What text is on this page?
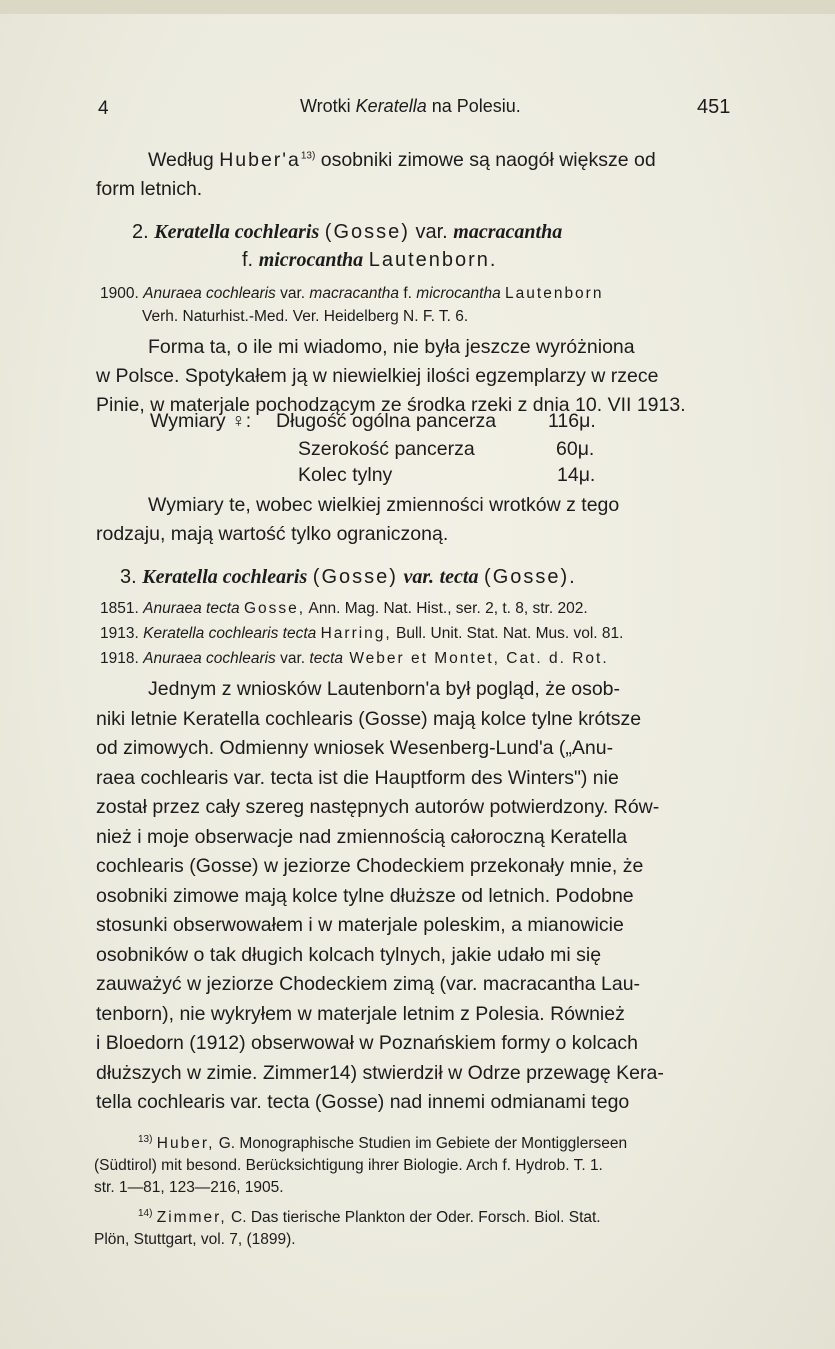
4	Wrotki Keratella na Polesiu.	451
Według $Huber'a^{13)}$ osobniki zimowe są naogół większe od
form letnich.
2. Keratella cochlearis (Gosse) var. macracantha
f. microcantha Lautenborn.
1900. Anuraea cochlearis var. macracantha f. microcantha Lautenborn
Verh. Naturhist.-Med. Ver. Heidelberg N. F. T. 6.
Forma ta, o ile mi wiadomo, nie była jeszcze wyróżniona
w Polsce. Spotykałem ją w niewielkiej ilości egzemplarzy w rzece
Pinie, w materjale pochodzącym ze środka rzeki z dnia 10. VII 1913.
Wymiary ♀: Długość ogólna pancerza	116μ.
Szerokość pancerza	60μ.
Kolec tylny	14μ.
Wymiary te, wobec wielkiej zmienności wrotków z tego
rodzaju, mają wartość tylko ograniczoną.
3. Keratella cochlearis (Gosse) var. tecta (Gosse).
1851. Anuraea tecta Gosse, Ann. Mag. Nat. Hist., ser. 2, t. 8, str. 202.
1913. Keratella cochlearis tecta Harring, Bull. Unit. Stat. Nat. Mus. vol. 81.
1918. Anuraea cochlearis var. tecta Weber et Montet, Cat. d. Rot.
Jednym z wniosków Lautenborn'a był pogląd, że osob-
niki letnie Keratella cochlearis (Gosse) mają kolce tylne krótsze
od zimowych. Odmienny wniosek Wesenberg-Lund'a („Anu-
raea cochlearis var. tecta ist die Hauptform des Winters") nie
został przez cały szereg następnych autorów potwierdzony. Rów-
nież i moje obserwacje nad zmiennością całoroczną Keratella
cochlearis (Gosse) w jeziorze Chodeckiem przekonały mnie, że
osobniki zimowe mają kolce tylne dłuższe od letnich. Podobne
stosunki obserwowałem i w materjale poleskim, a mianowicie
osobników o tak długich kolcach tylnych, jakie udało mi się
zauważyć w jeziorze Chodeckiem zimą (var. macracantha Lau-
tenborn), nie wykryłem w materjale letnim z Polesia. Również
i Bloedorn (1912) obserwował w Poznańskiem formy o kolcach
dłuższych w zimie. Zimmer14) stwierdził w Odrze przewagę Kera-
tella cochlearis var. tecta (Gosse) nad innemi odmianami tego
$^{13)}$ Huber, G. Monographische Studien im Gebiete der Montigglerseen
(Südtirol) mit besond. Berücksichtigung ihrer Biologie. Arch f. Hydrob. T. 1.
str. 1—81, 123—216, 1905.
$^{14)}$ Zimmer, C. Das tierische Plankton der Oder. Forsch. Biol. Stat.
Plön, Stuttgart, vol. 7, (1899).
